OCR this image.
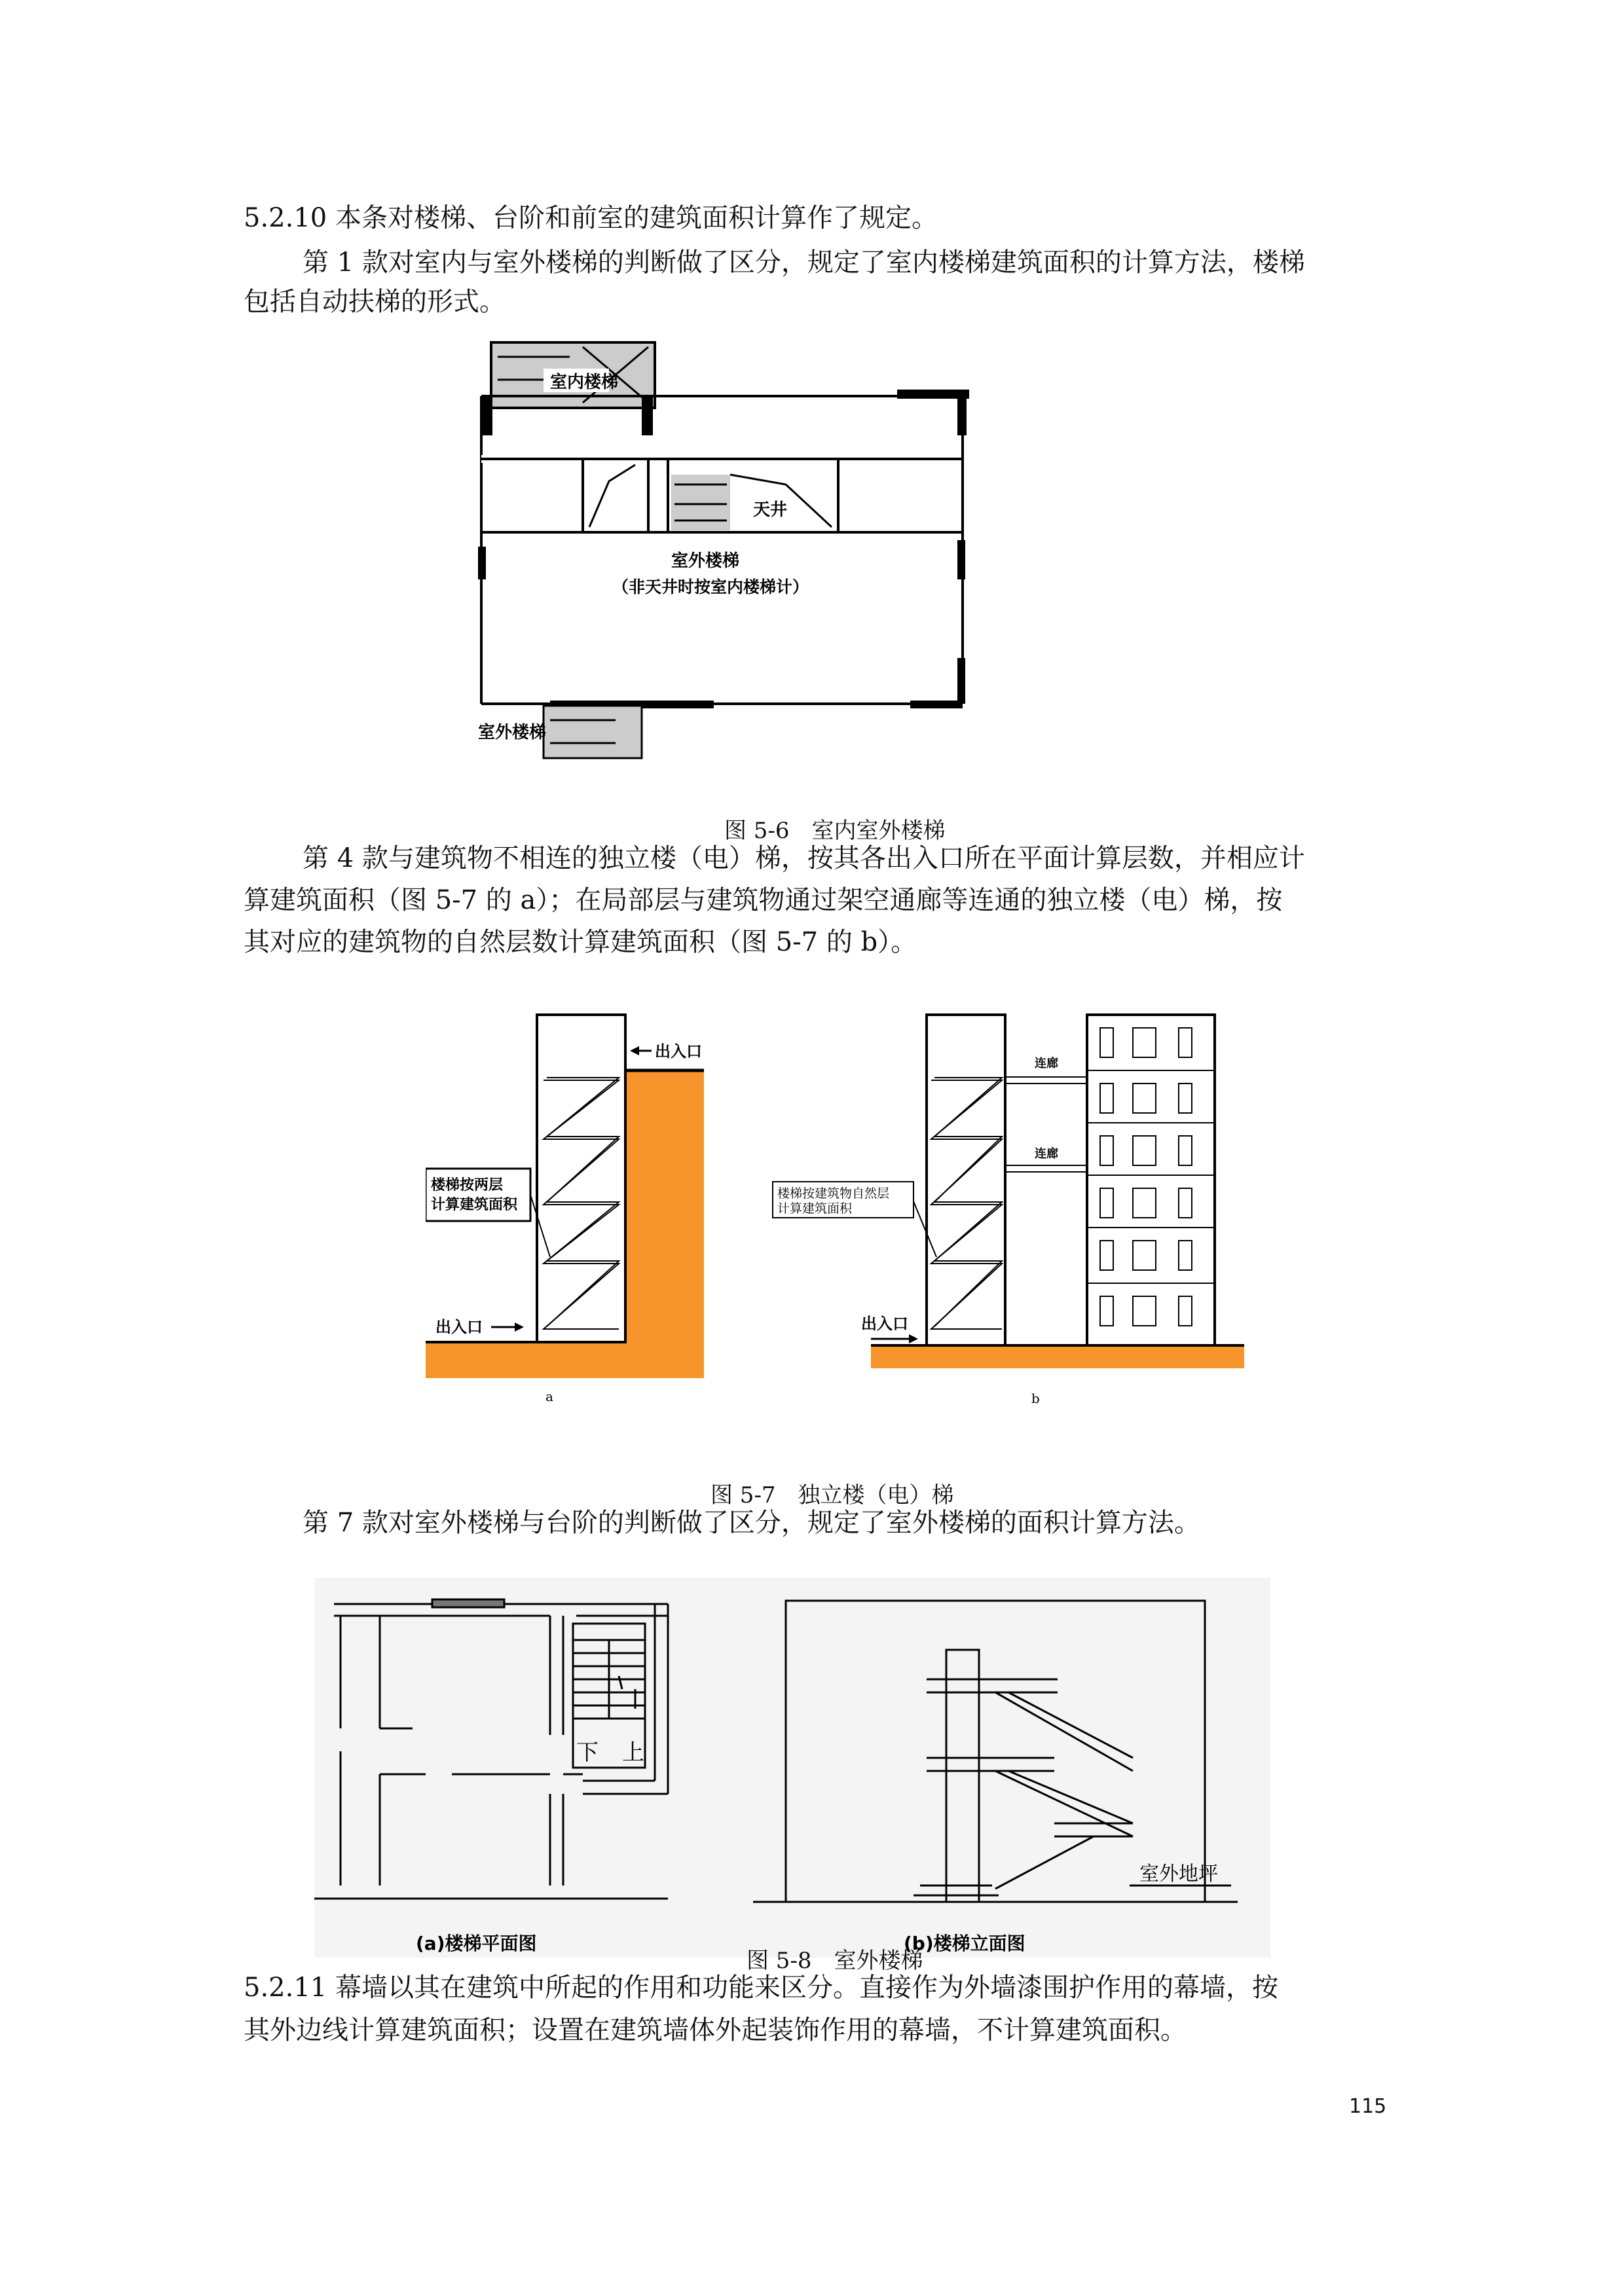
5.2.10 本条对楼梯、台阶和前室的建筑面积计算作了规定。

第 1 款对室内与室外楼梯的判断做了区分，规定了室内楼梯建筑面积的计算方法，楼梯

包括自动扶梯的形式。

室内楼梯
天井
室外楼梯
（非天井时按室内楼梯计）
室外楼梯
图 5-6　室内室外楼梯

第 4 款与建筑物不相连的独立楼（电）梯，按其各出入口所在平面计算层数，并相应计

算建筑面积（图 5-7 的 a）；在局部层与建筑物通过架空通廊等连通的独立楼（电）梯，按

其对应的建筑物的自然层数计算建筑面积（图 5-7 的 b）。

出入口
出入口
楼梯按两层
计算建筑面积
a
连廊
连廊
楼梯按建筑物自然层
计算建筑面积
出入口
b
图 5-7　独立楼（电）梯

第 7 款对室外楼梯与台阶的判断做了区分，规定了室外楼梯的面积计算方法。

下 上
(a)楼梯平面图
室外地坪
(b)楼梯立面图
图 5-8　室外楼梯

5.2.11 幕墙以其在建筑中所起的作用和功能来区分。直接作为外墙漆围护作用的幕墙，按

其外边线计算建筑面积；设置在建筑墙体外起装饰作用的幕墙，不计算建筑面积。

115
